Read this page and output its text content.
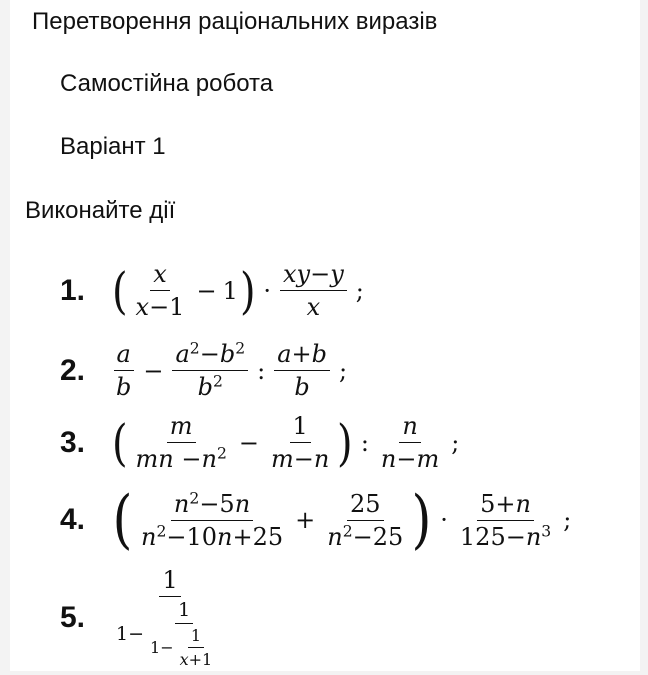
Перетворення раціональних виразів
Самостійна робота
Варіант 1
Виконайте дії
1. ( $\frac{x}{x-1} - 1$ ) · $\frac{xy-y}{x}$ ;
2.	$\frac{a}{b} - \frac{a^2-b^2}{b^2}$ : $\frac{a+b}{b}$ ;
3. ( $\frac{m}{mn -n^2} - \frac{1}{m-n}$ ) : $\frac{n}{n-m}$ ;
4. ( $\frac{n^2-5n}{n^2-10n+25} + \frac{25}{n^2-25}$ ) · $\frac{5+n}{125-n^3}$ ;
5.
1
$1- \frac{1}{1- \frac{1}{x+1}}$
